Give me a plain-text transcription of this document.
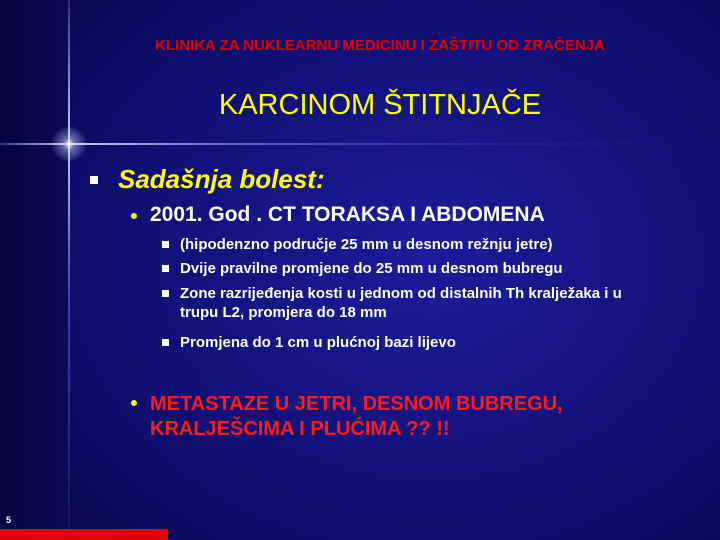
KLINIKA ZA NUKLEARNU MEDICINU I ZAŠTITU OD ZRAČENJA
KARCINOM ŠTITNJAČE
Sadašnja bolest:
2001. God . CT TORAKSA I ABDOMENA
(hipodenzno područje 25 mm u desnom režnju jetre)
Dvije pravilne promjene do 25 mm u desnom bubregu
Zone razrijeđenja kosti u jednom od distalnih Th kralježaka i u trupu L2, promjera do 18 mm
Promjena do 1 cm u plućnoj bazi lijevo
METASTAZE U JETRI, DESNOM BUBREGU, KRALJEŠCIMA I PLUĆIMA ?? !!
5
